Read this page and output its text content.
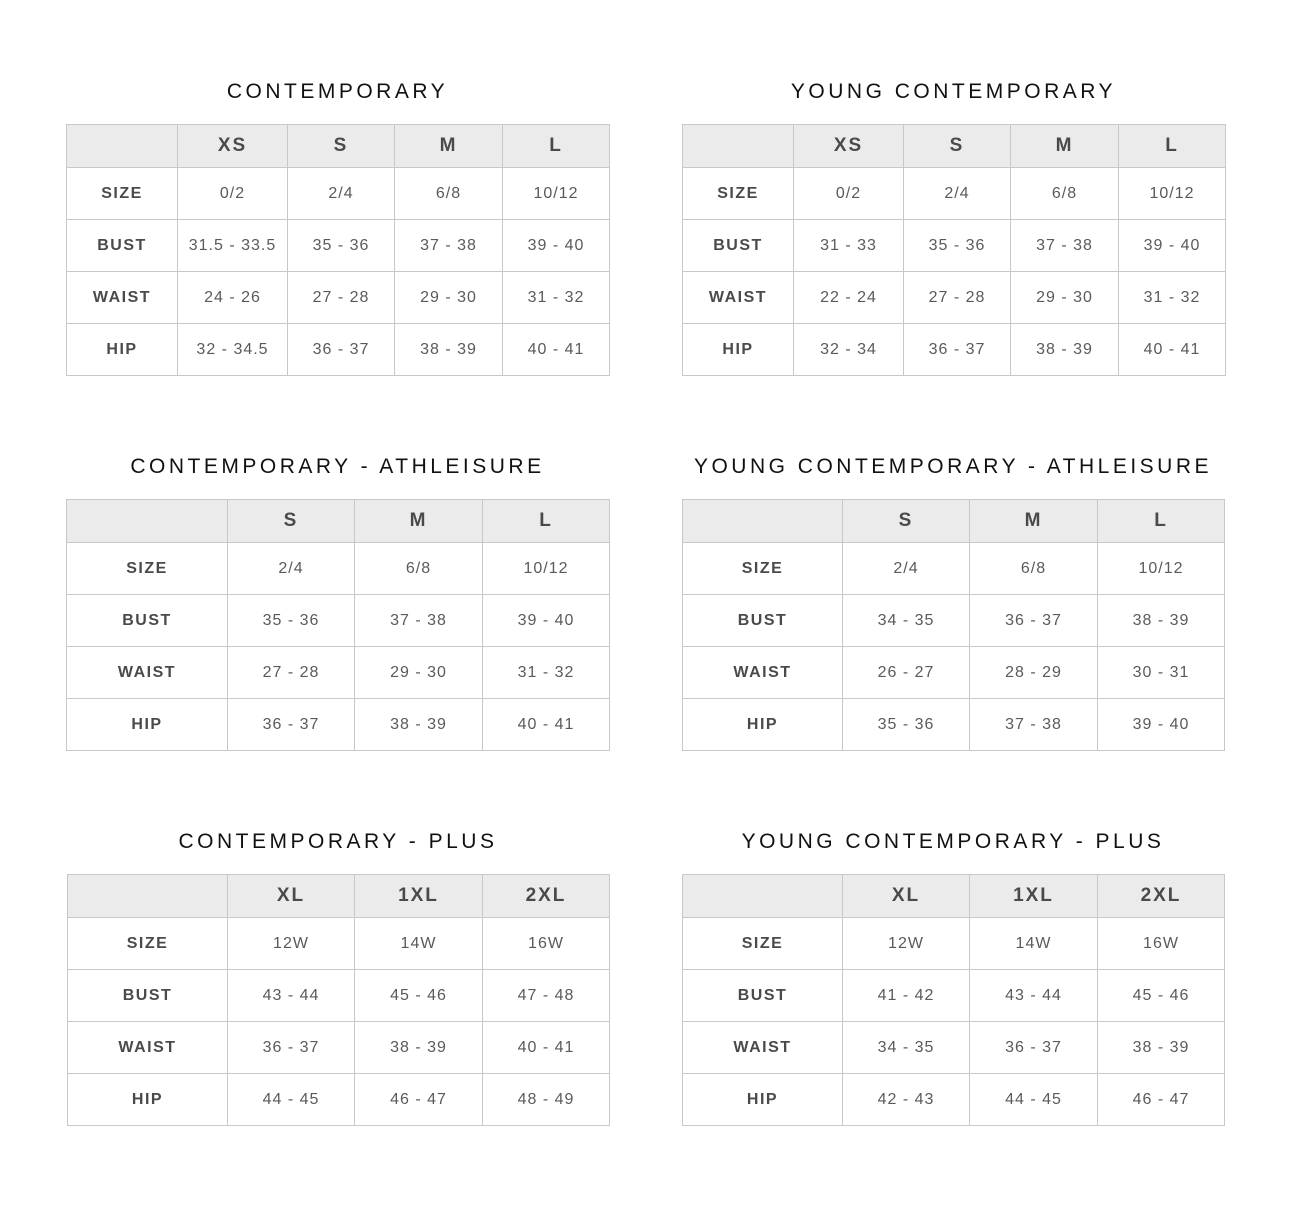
CONTEMPORARY
	XS	S	M	L
SIZE	0/2	2/4	6/8	10/12
BUST	31.5 - 33.5	35 - 36	37 - 38	39 - 40
WAIST	24 - 26	27 - 28	29 - 30	31 - 32
HIP	32 - 34.5	36 - 37	38 - 39	40 - 41
YOUNG CONTEMPORARY
	XS	S	M	L
SIZE	0/2	2/4	6/8	10/12
BUST	31 - 33	35 - 36	37 - 38	39 - 40
WAIST	22 - 24	27 - 28	29 - 30	31 - 32
HIP	32 - 34	36 - 37	38 - 39	40 - 41
CONTEMPORARY - ATHLEISURE
	S	M	L
SIZE	2/4	6/8	10/12
BUST	35 - 36	37 - 38	39 - 40
WAIST	27 - 28	29 - 30	31 - 32
HIP	36 - 37	38 - 39	40 - 41
YOUNG CONTEMPORARY - ATHLEISURE
	S	M	L
SIZE	2/4	6/8	10/12
BUST	34 - 35	36 - 37	38 - 39
WAIST	26 - 27	28 - 29	30 - 31
HIP	35 - 36	37 - 38	39 - 40
CONTEMPORARY - PLUS
	XL	1XL	2XL
SIZE	12W	14W	16W
BUST	43 - 44	45 - 46	47 - 48
WAIST	36 - 37	38 - 39	40 - 41
HIP	44 - 45	46 - 47	48 - 49
YOUNG CONTEMPORARY - PLUS
	XL	1XL	2XL
SIZE	12W	14W	16W
BUST	41 - 42	43 - 44	45 - 46
WAIST	34 - 35	36 - 37	38 - 39
HIP	42 - 43	44 - 45	46 - 47
